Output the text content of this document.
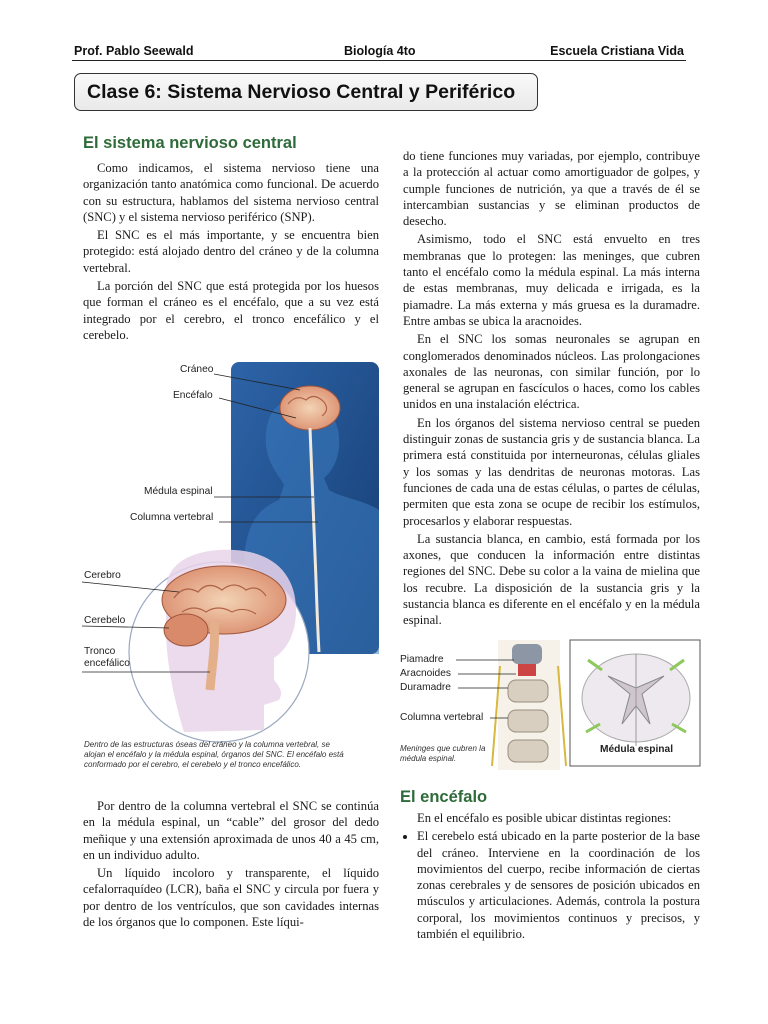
Prof. Pablo Seewald	Biología 4to	Escuela Cristiana Vida
Clase 6: Sistema Nervioso Central y Periférico
El sistema nervioso central

Como indicamos, el sistema nervioso tiene una organización tanto anatómica como funcional. De acuerdo con su estructura, hablamos del sistema nervioso central (SNC) y el sistema nervioso periférico (SNP).

El SNC es el más importante, y se encuentra bien protegido: está alojado dentro del cráneo y de la columna vertebral.

La porción del SNC que está protegida por los huesos que forman el cráneo es el encéfalo, que a su vez está integrado por el cerebro, el tronco encefálico y el cerebelo.

Cráneo
Encéfalo
Médula espinal
Columna vertebral
Cerebro
Cerebelo
Tronco
encefálico
Dentro de las estructuras óseas del cráneo y la columna vertebral, se alojan el encéfalo y la médula espinal, órganos del SNC. El encéfalo está conformado por el cerebro, el cerebelo y el tronco encefálico.

Por dentro de la columna vertebral el SNC se continúa en la médula espinal, un “cable” del grosor del dedo meñique y una extensión aproximada de unos 40 a 45 cm, en un individuo adulto.

Un líquido incoloro y transparente, el líquido cefalorraquídeo (LCR), baña el SNC y circula por fuera y por dentro de los ventrículos, que son cavidades internas de los órganos que lo componen. Este líqui-

do tiene funciones muy variadas, por ejemplo, contribuye a la protección al actuar como amortiguador de golpes, y cumple funciones de nutrición, ya que a través de él se intercambian sustancias y se eliminan productos de desecho.

Asimismo, todo el SNC está envuelto en tres membranas que lo protegen: las meninges, que cubren tanto el encéfalo como la médula espinal. La más interna de estas membranas, muy delicada e irrigada, es la piamadre. La más externa y más gruesa es la duramadre. Entre ambas se ubica la aracnoides.

En el SNC los somas neuronales se agrupan en conglomerados denominados núcleos. Las prolongaciones axonales de las neuronas, con similar función, por lo general se agrupan en fascículos o haces, como los cables unidos en una instalación eléctrica.

En los órganos del sistema nervioso central se pueden distinguir zonas de sustancia gris y de sustancia blanca. La primera está constituida por interneuronas, células gliales y los somas y las dendritas de neuronas motoras. Las funciones de cada una de estas células, o partes de células, permiten que esta zona se ocupe de recibir los estímulos, procesarlos y elaborar respuestas.

La sustancia blanca, en cambio, está formada por los axones, que conducen la información entre distintas regiones del SNC. Debe su color a la vaina de mielina que los recubre. La disposición de la sustancia gris y la sustancia blanca es diferente en el encéfalo y en la médula espinal.

Piamadre
Aracnoides
Duramadre
Columna vertebral
Médula espinal
Meninges que cubren la médula espinal.
El encéfalo

En el encéfalo es posible ubicar distintas regiones:

• El cerebelo está ubicado en la parte posterior de la base del cráneo. Interviene en la coordinación de los movimientos del cuerpo, recibe información de ciertas zonas cerebrales y de sensores de posición ubicados en músculos y articulaciones. Además, controla la postura corporal, los movimientos continuos y precisos, y también el equilibrio.
